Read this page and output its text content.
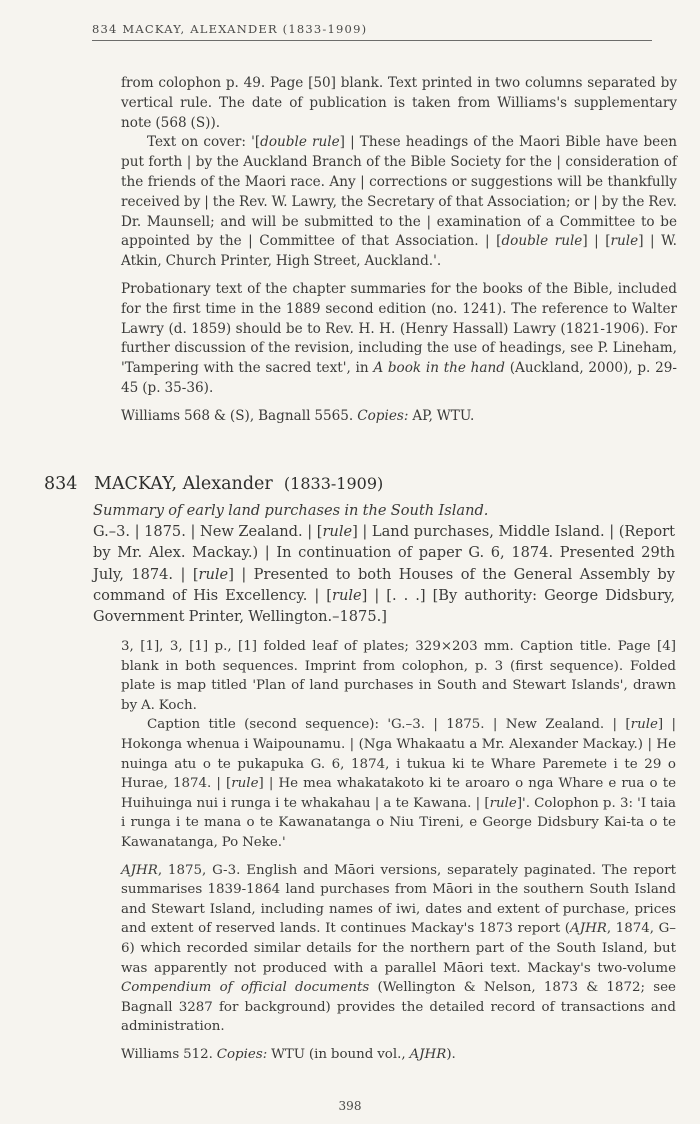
834 MACKAY, ALEXANDER (1833-1909)

from colophon p. 49. Page [50] blank. Text printed in two columns separated by vertical rule. The date of publication is taken from Williams's supplementary note (568 (S)).

Text on cover: '[double rule] | These headings of the Maori Bible have been put forth | by the Auckland Branch of the Bible Society for the | consideration of the friends of the Maori race. Any | corrections or suggestions will be thankfully received by | the Rev. W. Lawry, the Secretary of that Association; or | by the Rev. Dr. Maunsell; and will be submitted to the | examination of a Committee to be appointed by the | Committee of that Association. | [double rule] | [rule] | W. Atkin, Church Printer, High Street, Auckland.'.

Probationary text of the chapter summaries for the books of the Bible, included for the first time in the 1889 second edition (no. 1241). The reference to Walter Lawry (d. 1859) should be to Rev. H. H. (Henry Hassall) Lawry (1821-1906). For further discussion of the revision, including the use of headings, see P. Lineham, 'Tampering with the sacred text', in A book in the hand (Auckland, 2000), p. 29-45 (p. 35-36).

Williams 568 & (S), Bagnall 5565. Copies: AP, WTU.

834 MACKAY, Alexander (1833-1909)

Summary of early land purchases in the South Island.

G.–3. | 1875. | New Zealand. | [rule] | Land purchases, Middle Island. | (Report by Mr. Alex. Mackay.) | In continuation of paper G. 6, 1874. Presented 29th July, 1874. | [rule] | Presented to both Houses of the General Assembly by command of His Excellency. | [rule] | [. . .] [By authority: George Didsbury, Government Printer, Wellington.–1875.]

3, [1], 3, [1] p., [1] folded leaf of plates; 329×203 mm. Caption title. Page [4] blank in both sequences. Imprint from colophon, p. 3 (first sequence). Folded plate is map titled 'Plan of land purchases in South and Stewart Islands', drawn by A. Koch.

Caption title (second sequence): 'G.–3. | 1875. | New Zealand. | [rule] | Hokonga whenua i Waipounamu. | (Nga Whakaatu a Mr. Alexander Mackay.) | He nuinga atu o te pukapuka G. 6, 1874, i tukua ki te Whare Paremete i te 29 o Hurae, 1874. | [rule] | He mea whakatakoto ki te aroaro o nga Whare e rua o te Huihuinga nui i runga i te whakahau | a te Kawana. | [rule]'. Colophon p. 3: 'I taia i runga i te mana o te Kawanatanga o Niu Tireni, e George Didsbury Kai-ta o te Kawanatanga, Po Neke.'

AJHR, 1875, G-3. English and Māori versions, separately paginated. The report summarises 1839-1864 land purchases from Māori in the southern South Island and Stewart Island, including names of iwi, dates and extent of purchase, prices and extent of reserved lands. It continues Mackay's 1873 report (AJHR, 1874, G–6) which recorded similar details for the northern part of the South Island, but was apparently not produced with a parallel Māori text. Mackay's two-volume Compendium of official documents (Wellington & Nelson, 1873 & 1872; see Bagnall 3287 for background) provides the detailed record of transactions and administration.

Williams 512. Copies: WTU (in bound vol., AJHR).

398
